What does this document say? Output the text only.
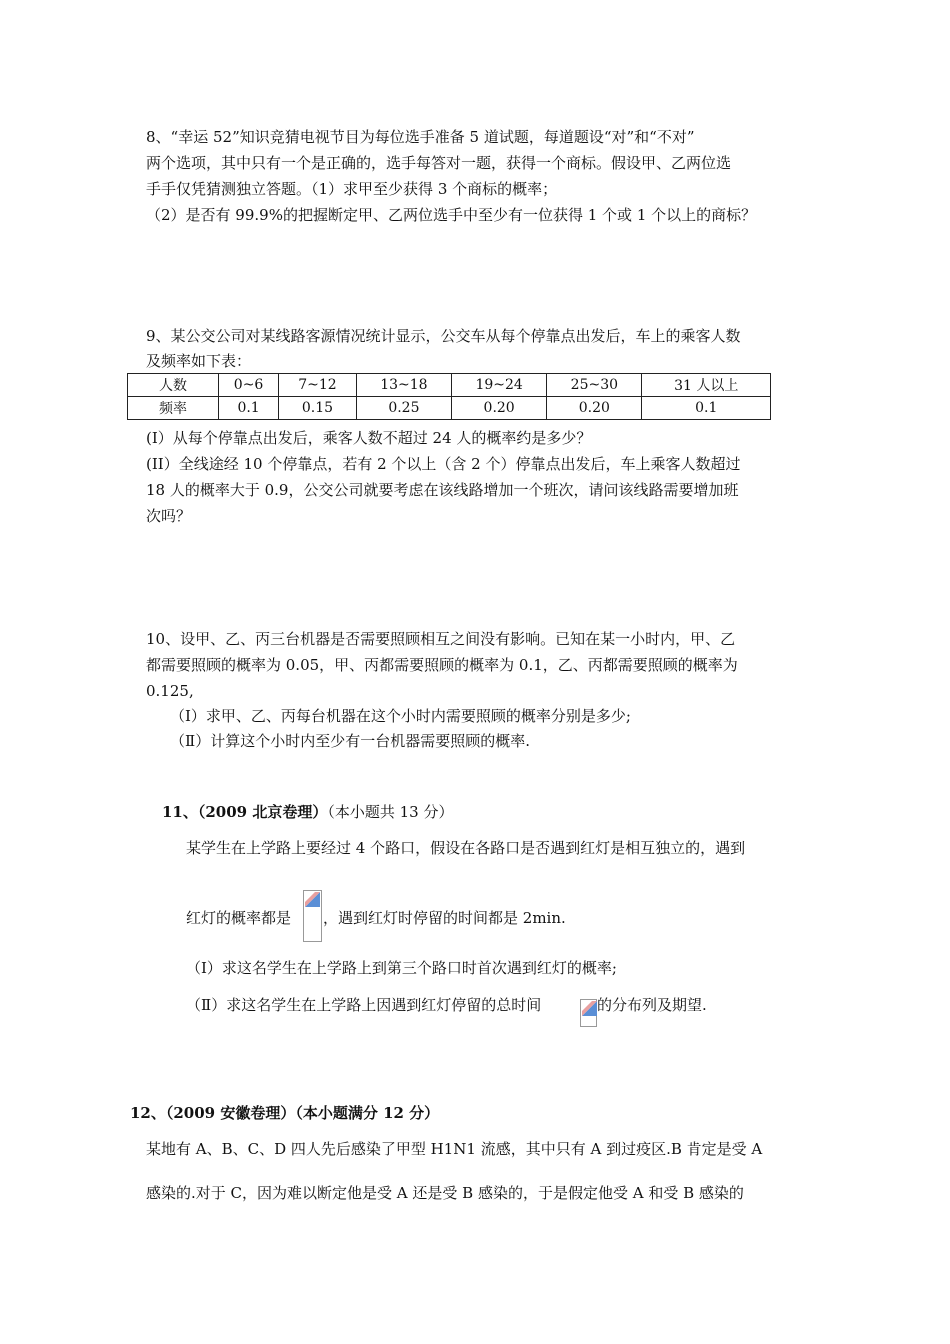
8、“幸运 52”知识竞猜电视节目为每位选手准备 5 道试题，每道题设“对”和“不对”
两个选项，其中只有一个是正确的，选手每答对一题，获得一个商标。假设甲、乙两位选
手手仅凭猜测独立答题。（1）求甲至少获得 3 个商标的概率；
（2）是否有 99.9%的把握断定甲、乙两位选手中至少有一位获得 1 个或 1 个以上的商标？
9、某公交公司对某线路客源情况统计显示，公交车从每个停靠点出发后，车上的乘客人数
及频率如下表：
人数	0~6	7~12	13~18	19~24	25~30	31 人以上
频率	0.1	0.15	0.25	0.20	0.20	0.1
(I）从每个停靠点出发后，乘客人数不超过 24 人的概率约是多少？
(II）全线途经 10 个停靠点，若有 2 个以上（含 2 个）停靠点出发后，车上乘客人数超过
18 人的概率大于 0.9，公交公司就要考虑在该线路增加一个班次，请问该线路需要增加班
次吗？
10、设甲、乙、丙三台机器是否需要照顾相互之间没有影响。已知在某一小时内，甲、乙
都需要照顾的概率为 0.05，甲、丙都需要照顾的概率为 0.1，乙、丙都需要照顾的概率为
0.125,
（Ⅰ）求甲、乙、丙每台机器在这个小时内需要照顾的概率分别是多少;
（Ⅱ）计算这个小时内至少有一台机器需要照顾的概率.
11、（2009 北京卷理）（本小题共 13 分）
某学生在上学路上要经过 4 个路口，假设在各路口是否遇到红灯是相互独立的，遇到
红灯的概率都是 ，遇到红灯时停留的时间都是 2min.
（Ⅰ）求这名学生在上学路上到第三个路口时首次遇到红灯的概率;
（Ⅱ）求这名学生在上学路上因遇到红灯停留的总时间	的分布列及期望.
12、（2009 安徽卷理）（本小题满分 12 分）
某地有 A、B、C、D 四人先后感染了甲型 H1N1 流感，其中只有 A 到过疫区.B 肯定是受 A
感染的.对于 C，因为难以断定他是受 A 还是受 B 感染的，于是假定他受 A 和受 B 感染的
